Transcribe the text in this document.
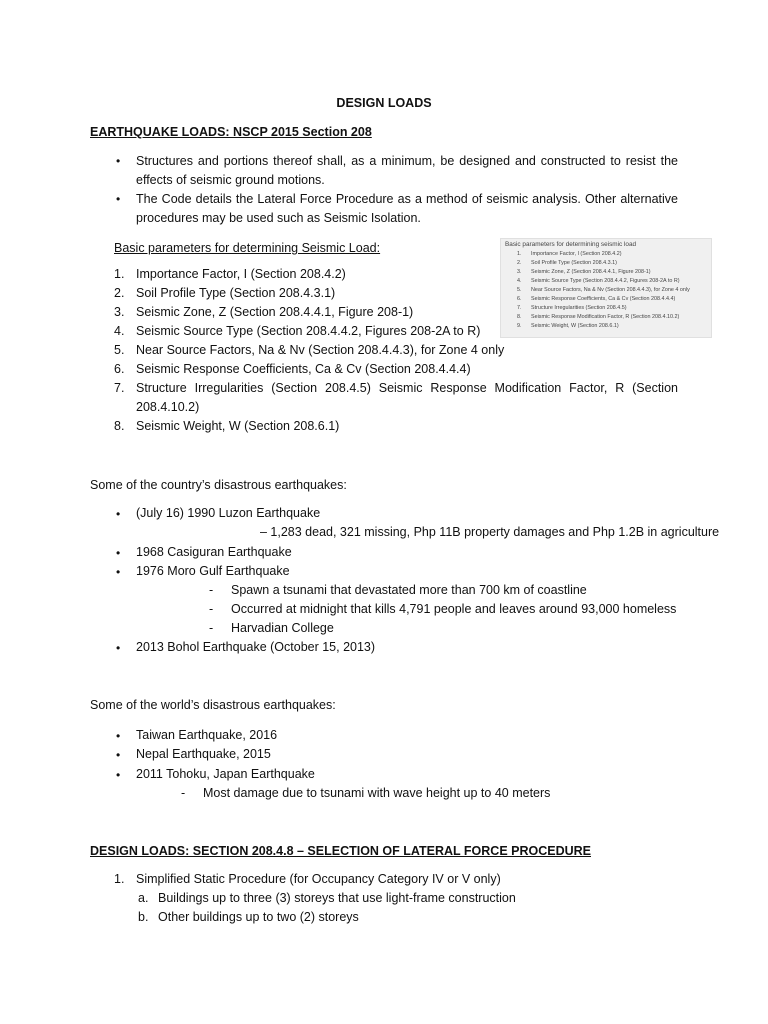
DESIGN LOADS
EARTHQUAKE LOADS: NSCP 2015 Section 208
• Structures and portions thereof shall, as a minimum, be designed and constructed to resist the effects of seismic ground motions.
• The Code details the Lateral Force Procedure as a method of seismic analysis. Other alternative procedures may be used such as Seismic Isolation.
Basic parameters for determining Seismic Load:	Basic parameters for determining seismic load
1. Importance Factor, I (Section 208.4.2)
2. Soil Profile Type (Section 208.4.3.1)
3. Seismic Zone, Z (Section 208.4.4.1, Figure 208-1)
4. Seismic Source Type (Section 208.4.4.2, Figures 208-2A to R)
5. Near Source Factors, Na & Nv (Section 208.4.4.3), for Zone 4 only
6. Seismic Response Coefficients, Ca & Cv (Section 208.4.4.4)
7. Structure Irregularities (Section 208.4.5)
8. Seismic Response Modification Factor, R (Section 208.4.10.2)
9. Seismic Weight, W (Section 208.6.1)
1. Importance Factor, I (Section 208.4.2)
2. Soil Profile Type (Section 208.4.3.1)
3. Seismic Zone, Z (Section 208.4.4.1, Figure 208-1)
4. Seismic Source Type (Section 208.4.4.2, Figures 208-2A to R)
5. Near Source Factors, Na & Nv (Section 208.4.4.3), for Zone 4 only
6. Seismic Response Coefficients, Ca & Cv (Section 208.4.4.4)
7. Structure Irregularities (Section 208.4.5) Seismic Response Modification Factor, R (Section 208.4.10.2)
8. Seismic Weight, W (Section 208.6.1)
Some of the country’s disastrous earthquakes:
• (July 16) 1990 Luzon Earthquake
– 1,283 dead, 321 missing, Php 11B property damages and Php 1.2B in agriculture
• 1968 Casiguran Earthquake
• 1976 Moro Gulf Earthquake
- Spawn a tsunami that devastated more than 700 km of coastline
- Occurred at midnight that kills 4,791 people and leaves around 93,000 homeless
- Harvadian College
• 2013 Bohol Earthquake (October 15, 2013)
Some of the world’s disastrous earthquakes:
• Taiwan Earthquake, 2016
• Nepal Earthquake, 2015
• 2011 Tohoku, Japan Earthquake
- Most damage due to tsunami with wave height up to 40 meters
DESIGN LOADS: SECTION 208.4.8 – SELECTION OF LATERAL FORCE PROCEDURE
1. Simplified Static Procedure (for Occupancy Category IV or V only)
a. Buildings up to three (3) storeys that use light-frame construction
b. Other buildings up to two (2) storeys
